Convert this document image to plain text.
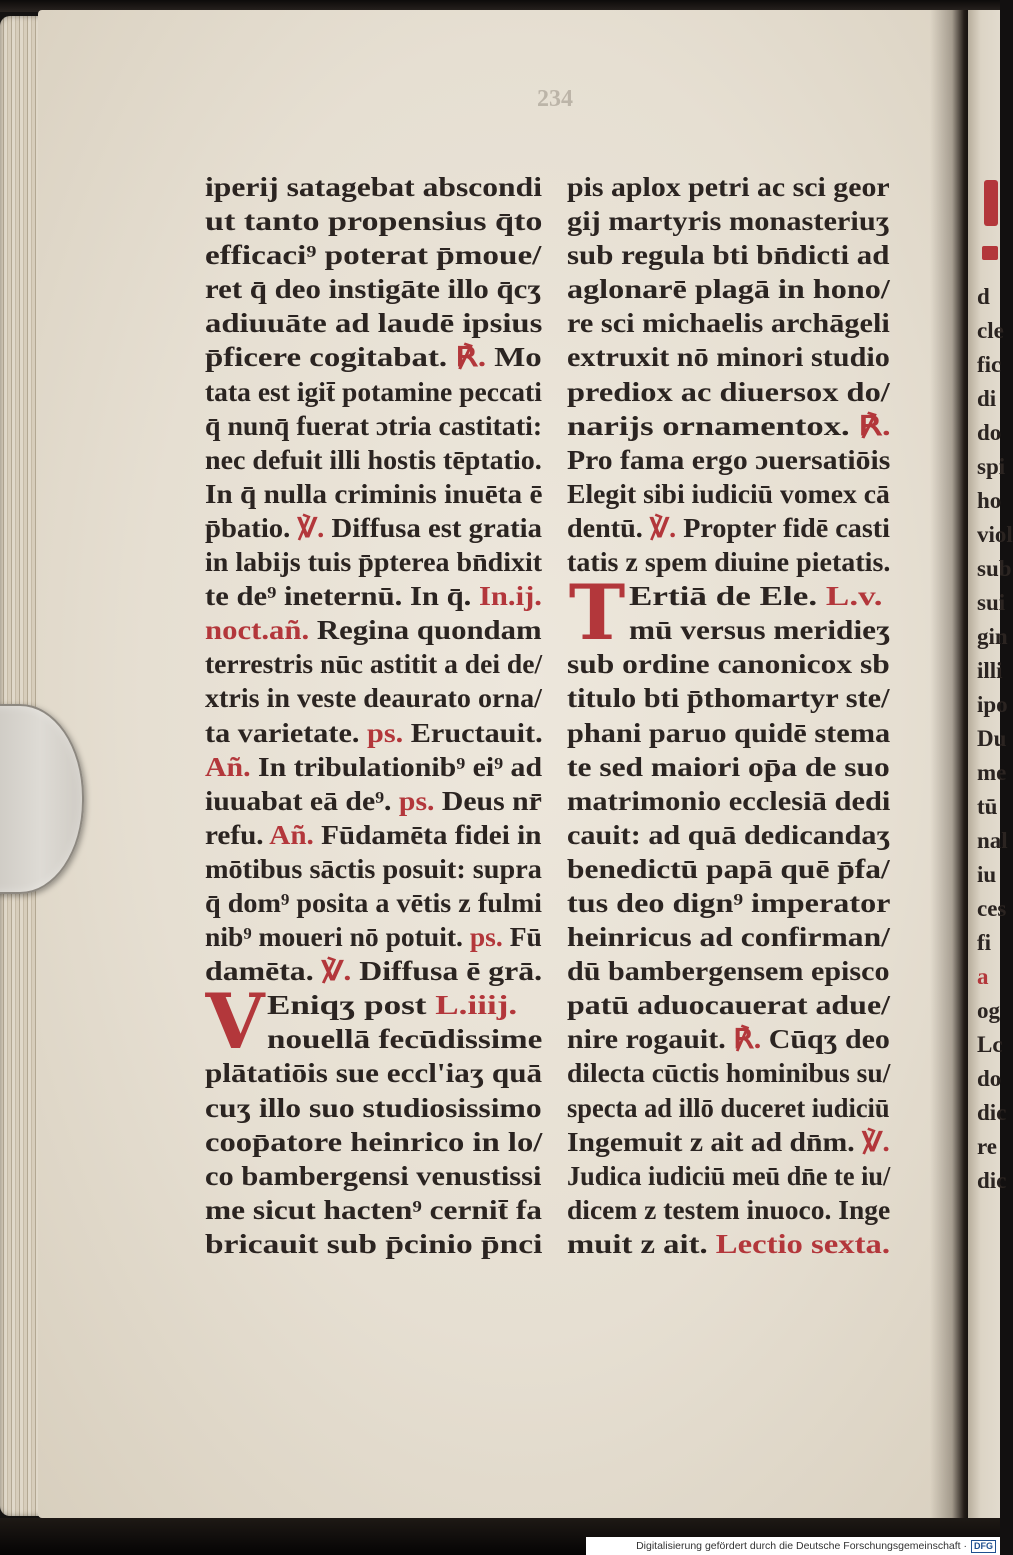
234
iperij satagebat abscondi
ut tanto propensius q̄to
efficaci⁹ poterat p̄moue/
ret q̄ deo instigāte illo q̄cʒ
adiuuāte ad laudē ipsius
p̄ficere cogitabat. ℟. Mo
tata est igit̄ potamine peccati
q̄ nunq̄ fuerat ɔtria castitati:
nec defuit illi hostis tēptatio.
In q̄ nulla criminis inuēta ē
p̄batio. ℣. Diffusa est gratia
in labijs tuis p̄pterea bn̄dixit
te de⁹ ineternū. In q̄. In.ij.
noct.añ. Regina quondam
terrestris nūc astitit a dei de/
xtris in veste deaurato orna/
ta varietate. ps. Eructauit.
Añ. In tribulationib⁹ ei⁹ ad
iuuabat eā de⁹. ps. Deus nr̄
refu. Añ. Fūdamēta fidei in
mōtibus sāctis posuit: supra
q̄ dom⁹ posita a vētis z fulmi
nib⁹ moueri nō potuit. ps. Fū
damēta. ℣. Diffusa ē grā.
V Eniqʒ post L.iiij.
nouellā fecūdissime
plātatiōis sue eccl'iaʒ quā
cuʒ illo suo studiosissimo
coop̄atore heinrico in lo/
co bambergensi venustissi
me sicut hacten⁹ cernit̄ fa
bricauit sub p̄cinio p̄nci
pis aplox petri ac sci geor
gij martyris monasteriuʒ
sub regula bti bn̄dicti ad
aglonarē plagā in hono/
re sci michaelis archāgeli
extruxit nō minori studio
prediox ac diuersox do/
narijs ornamentox. ℟.
Pro fama ergo ɔuersatiōis
Elegit sibi iudiciū vomex cā
dentū. ℣. Propter fidē casti
tatis z spem diuine pietatis.
T Ertiā de Ele. L.v.
mū versus meridieʒ
sub ordine canonicox sb
titulo bti p̄thomartyr ste/
phani paruo quidē stema
te sed maiori op̄a de suo
matrimonio ecclesiā dedi
cauit: ad quā dedicandaʒ
benedictū papā quē p̄fa/
tus deo dign⁹ imperator
heinricus ad confirman/
dū bambergensem episco
patū aduocauerat adue/
nire rogauit. ℟. Cūqʒ deo
dilecta cūctis hominibus su/
specta ad illō duceret iudiciū
Ingemuit z ait ad dn̄m. ℣.
Judica iudiciū meū dn̄e te iu/
dicem z testem inuoco. Inge
muit z ait. Lectio sexta.
d
cle
fic
di
do
spi
ho
viol
sub
sui
gin
illi
ipo
Du
me
tū
nal
iu
ces
fi
a
og
Lc
do
dic
re
dic
Digitalisierung gefördert durch die Deutsche Forschungsgemeinschaft · DFG
